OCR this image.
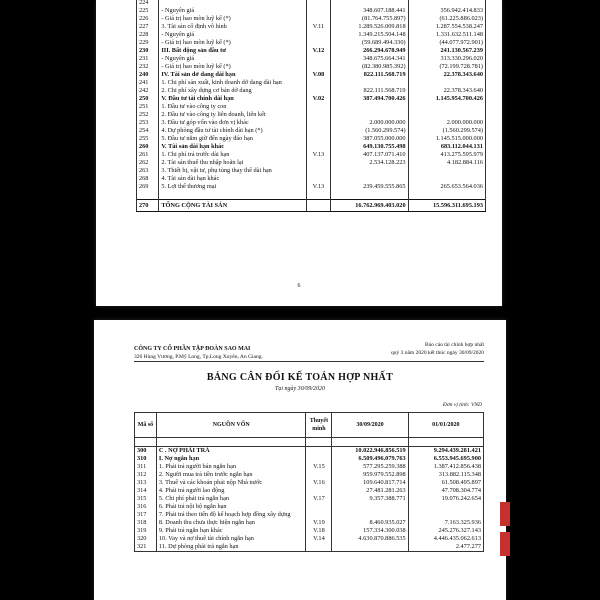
224				
225	- Nguyên giá		348.607.188.441	356.942.414.833
226	- Giá trị hao mòn luỹ kế (*)		(81.764.755.897)	(61.225.886.023)
227	3. Tài sản cố định vô hình	V.11	1.289.526.009.818	1.287.554.538.247
228	- Nguyên giá		1.349.215.504.148	1.331.632.511.148
229	- Giá trị hao mòn luỹ kế (*)		(59.689.494.330)	(44.077.972.901)
230	III. Bất động sản đầu tư	V.12	266.294.678.949	241.130.567.239
231	- Nguyên giá		348.675.664.341	313.330.296.020
232	- Giá trị hao mòn luỹ kế (*)		(82.380.985.392)	(72.199.728.781)
240	IV. Tài sản dở dang dài hạn	V.08	822.111.568.719	22.378.343.640
241	1. Chi phí sản xuất, kinh doanh dở dang dài hạn			
242	2. Chi phí xây dựng cơ bản dở dang		822.111.568.719	22.378.343.640
250	V. Đầu tư tài chính dài hạn	V.02	387.494.700.426	1.145.954.700.426
251	1. Đầu tư vào công ty con			
252	2. Đầu tư vào công ty liên doanh, liên kết			
253	3. Đầu tư góp vốn vào đơn vị khác		2.000.000.000	2.000.000.000
254	4. Dự phòng đầu tư tài chính dài hạn (*)		(1.560.299.574)	(1.560.299.574)
255	5. Đầu tư nắm giữ đến ngày đáo hạn		387.055.000.000	1.145.515.000.000
260	V. Tài sản dài hạn khác		649.130.755.498	683.112.044.131
261	1. Chi phí trả trước dài hạn	V.13	407.137.071.410	413.275.595.979
262	2. Tài sản thuế thu nhập hoãn lại		2.534.128.223	4.182.884.116
263	3. Thiết bị, vật tư, phụ tùng thay thế dài hạn			
268	4. Tài sản dài hạn khác			
269	5. Lợi thế thương mại	V.13	239.459.555.865	265.653.564.036

270	TỔNG CỘNG TÀI SẢN		16.762.969.403.020	15.596.311.695.193
6
CÔNG TY CỔ PHẦN TẬP ĐOÀN SAO MAI
326 Hùng Vương, P.Mỹ Long, Tp.Long Xuyên, An Giang.
Báo cáo tài chính hợp nhất
quý 3 năm 2020 kết thúc ngày 30/09/2020
BẢNG CÂN ĐỐI KẾ TOÁN HỢP NHẤT
Tại ngày 30/09/2020
Đơn vị tính: VND
Mã số	NGUỒN VỐN	Thuyết minh	30/09/2020	01/01/2020

300	C . NỢ PHẢI TRẢ		10.022.946.856.519	9.294.439.281.421
310	I. Nợ ngắn hạn		6.509.496.079.763	6.553.945.695.900
311	1. Phải trả người bán ngắn hạn	V.15	577.295.259.388	1.387.412.856.438
312	2. Người mua trả tiền trước ngắn hạn		959.979.552.898	313.882.115.348
313	3. Thuế và các khoản phải nộp Nhà nước	V.16	109.640.817.714	61.508.495.897
314	4. Phải trả người lao động		27.481.281.263	47.708.304.774
315	5. Chi phí phải trả ngắn hạn	V.17	9.357.388.771	19.076.242.654
316	6. Phải trả nội bộ ngắn hạn			
317	7. Phải trả theo tiến độ kế hoạch hợp đồng xây dựng			
318	8. Doanh thu chưa thực hiện ngắn hạn	V.19	8.460.935.027	7.163.325.936
319	9. Phải trả ngắn hạn khác	V.18	157.334.300.038	245.276.327.143
320	10. Vay và nợ thuê tài chính ngắn hạn	V.14	4.630.870.886.535	4.446.435.062.613
321	11. Dự phòng phải trả ngắn hạn			2.477.277
